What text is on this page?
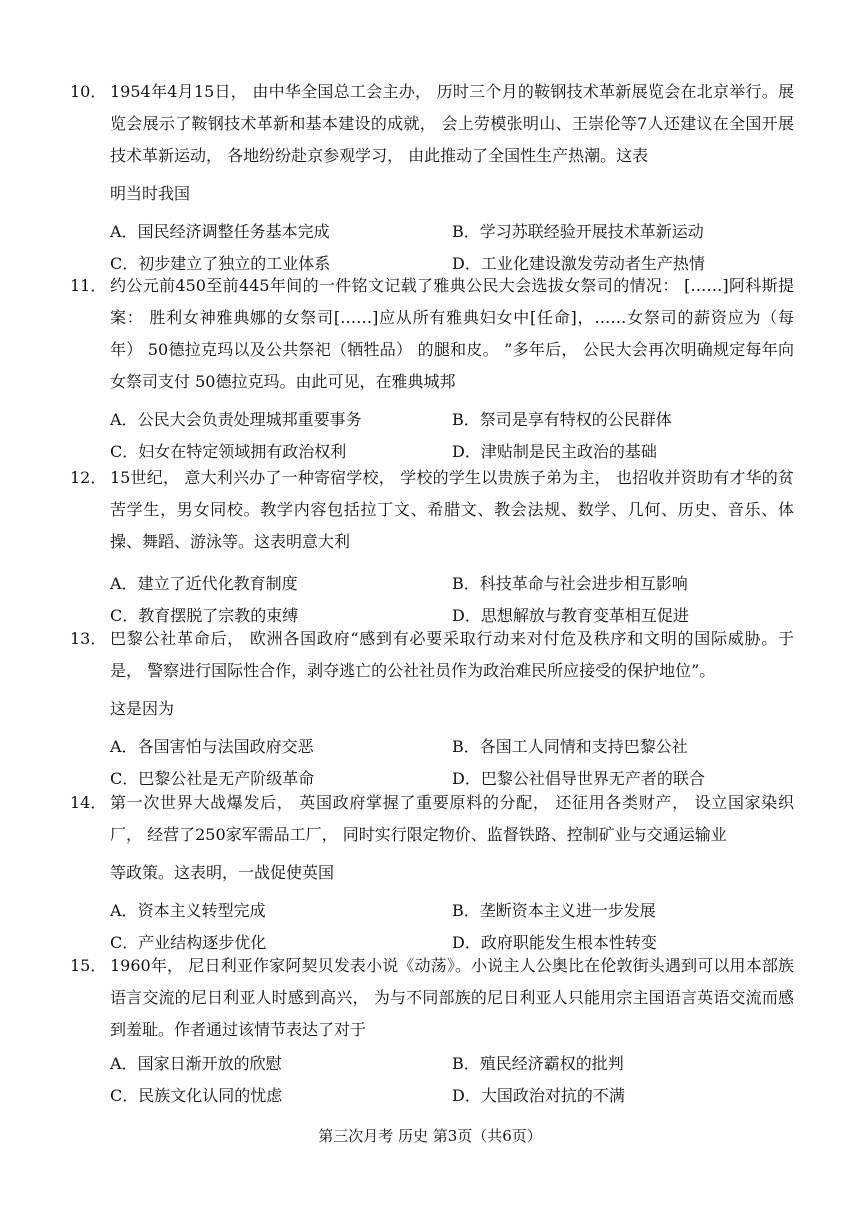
10． 1954年4月15日， 由中华全国总工会主办， 历时三个月的鞍钢技术革新展览会在北京举行。展览会展示了鞍钢技术革新和基本建设的成就， 会上劳模张明山、王崇伦等7人还建议在全国开展技术革新运动， 各地纷纷赴京参观学习， 由此推动了全国性生产热潮。这表
明当时我国
A．国民经济调整任务基本完成	B．学习苏联经验开展技术革新运动
C．初步建立了独立的工业体系	D．工业化建设激发劳动者生产热情
11． 约公元前450至前445年间的一件铭文记载了雅典公民大会选拔女祭司的情况： [……]阿科斯提案： 胜利女神雅典娜的女祭司[……]应从所有雅典妇女中[任命]，……女祭司的薪资应为（每年） 50德拉克玛以及公共祭祀（牺牲品） 的腿和皮。 ”多年后， 公民大会再次明确规定每年向女祭司支付 50德拉克玛。由此可见，在雅典城邦
A．公民大会负责处理城邦重要事务	B．祭司是享有特权的公民群体
C．妇女在特定领域拥有政治权利	D．津贴制是民主政治的基础
12． 15世纪， 意大利兴办了一种寄宿学校， 学校的学生以贵族子弟为主， 也招收并资助有才华的贫苦学生，男女同校。教学内容包括拉丁文、希腊文、教会法规、数学、几何、历史、音乐、体操、舞蹈、游泳等。这表明意大利
A．建立了近代化教育制度	B．科技革命与社会进步相互影响
C．教育摆脱了宗教的束缚	D．思想解放与教育变革相互促进
13． 巴黎公社革命后， 欧洲各国政府“感到有必要采取行动来对付危及秩序和文明的国际威胁。于是， 警察进行国际性合作，剥夺逃亡的公社社员作为政治难民所应接受的保护地位”。
这是因为
A．各国害怕与法国政府交恶	B．各国工人同情和支持巴黎公社
C．巴黎公社是无产阶级革命	D．巴黎公社倡导世界无产者的联合
14． 第一次世界大战爆发后， 英国政府掌握了重要原料的分配， 还征用各类财产， 设立国家染织厂， 经营了250家军需品工厂， 同时实行限定物价、监督铁路、控制矿业与交通运输业
等政策。这表明，一战促使英国
A．资本主义转型完成	B．垄断资本主义进一步发展
C．产业结构逐步优化	D．政府职能发生根本性转变
15． 1960年， 尼日利亚作家阿契贝发表小说《动荡》。小说主人公奥比在伦敦街头遇到可以用本部族语言交流的尼日利亚人时感到高兴， 为与不同部族的尼日利亚人只能用宗主国语言英语交流而感到羞耻。作者通过该情节表达了对于
A．国家日渐开放的欣慰	B．殖民经济霸权的批判
C．民族文化认同的忧虑	D．大国政治对抗的不满
第三次月考 历史 第3页（共6页）
